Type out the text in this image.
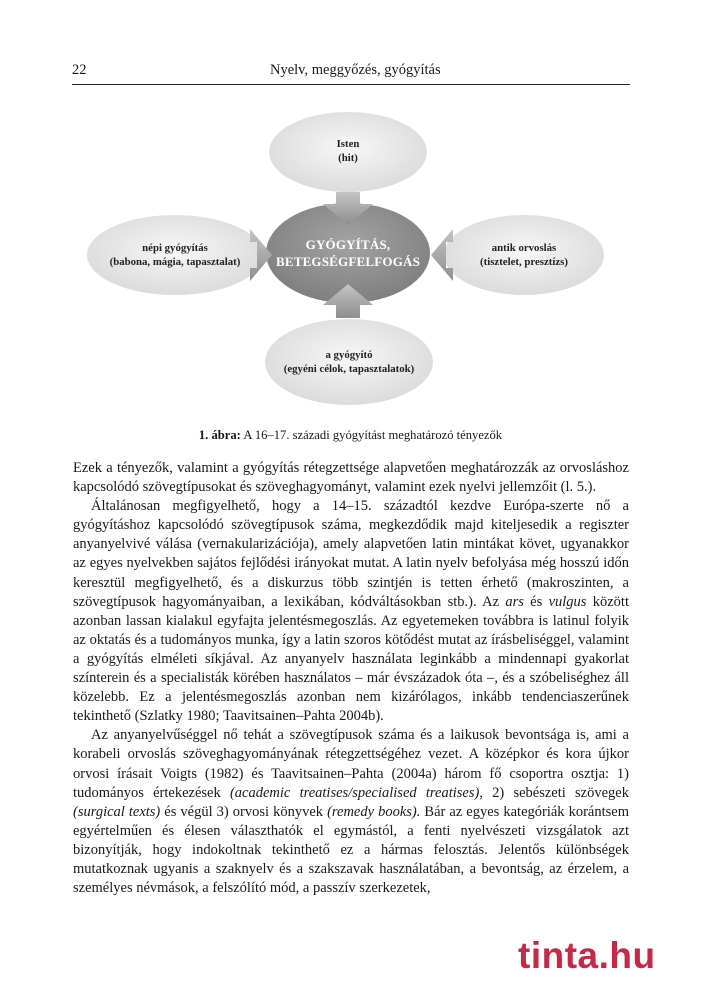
22	Nyelv, meggyőzés, gyógyítás
Isten
(hit)
népi gyógyítás
(babona, mágia, tapasztalat)
antik orvoslás
(tisztelet, presztízs)
a gyógyító
(egyéni célok, tapasztalatok)
GYÓGYÍTÁS,
BETEGSÉGFELFOGÁS
1. ábra: A 16–17. századi gyógyítást meghatározó tényezők

Ezek a tényezők, valamint a gyógyítás rétegzettsége alapvetően meghatározzák az orvosláshoz kapcsolódó szövegtípusokat és szöveghagyományt, valamint ezek nyelvi jellemzőit (l. 5.).

Általánosan megfigyelhető, hogy a 14–15. századtól kezdve Európa-szerte nő a gyógyításhoz kapcsolódó szövegtípusok száma, megkezdődik majd kiteljesedik a regiszter anyanyelvivé válása (vernakularizációja), amely alapvetően latin mintákat követ, ugyanakkor az egyes nyelvekben sajátos fejlődési irányokat mutat. A latin nyelv befolyása még hosszú időn keresztül megfigyelhető, és a diskurzus több szintjén is tetten érhető (makroszinten, a szövegtípusok hagyományaiban, a lexikában, kódváltásokban stb.). Az ars és vulgus között azonban lassan kialakul egyfajta jelentésmegoszlás. Az egyetemeken továbbra is latinul folyik az oktatás és a tudományos munka, így a latin szoros kötődést mutat az írásbeliséggel, valamint a gyógyítás elméleti síkjával. Az anyanyelv használata leginkább a mindennapi gyakorlat színterein és a specialisták körében használatos – már évszázadok óta –, és a szóbeliséghez áll közelebb. Ez a jelentésmegoszlás azonban nem kizárólagos, inkább tendenciaszerűnek tekinthető (Szlatky 1980; Taavitsainen–Pahta 2004b).

Az anyanyelvűséggel nő tehát a szövegtípusok száma és a laikusok bevontsága is, ami a korabeli orvoslás szöveghagyományának rétegzettségéhez vezet. A középkor és kora újkor orvosi írásait Voigts (1982) és Taavitsainen–Pahta (2004a) három fő csoportra osztja: 1) tudományos értekezések (academic treatises/specialised treatises), 2) sebészeti szövegek (surgical texts) és végül 3) orvosi könyvek (remedy books). Bár az egyes kategóriák korántsem egyértelműen és élesen választhatók el egymástól, a fenti nyelvészeti vizsgálatok azt bizonyítják, hogy indokoltnak tekinthető ez a hármas felosztás. Jelentős különbségek mutatkoznak ugyanis a szaknyelv és a szakszavak használatában, a bevontság, az érzelem, a személyes névmások, a felszólító mód, a passzív szerkezetek,

tinta.hu
